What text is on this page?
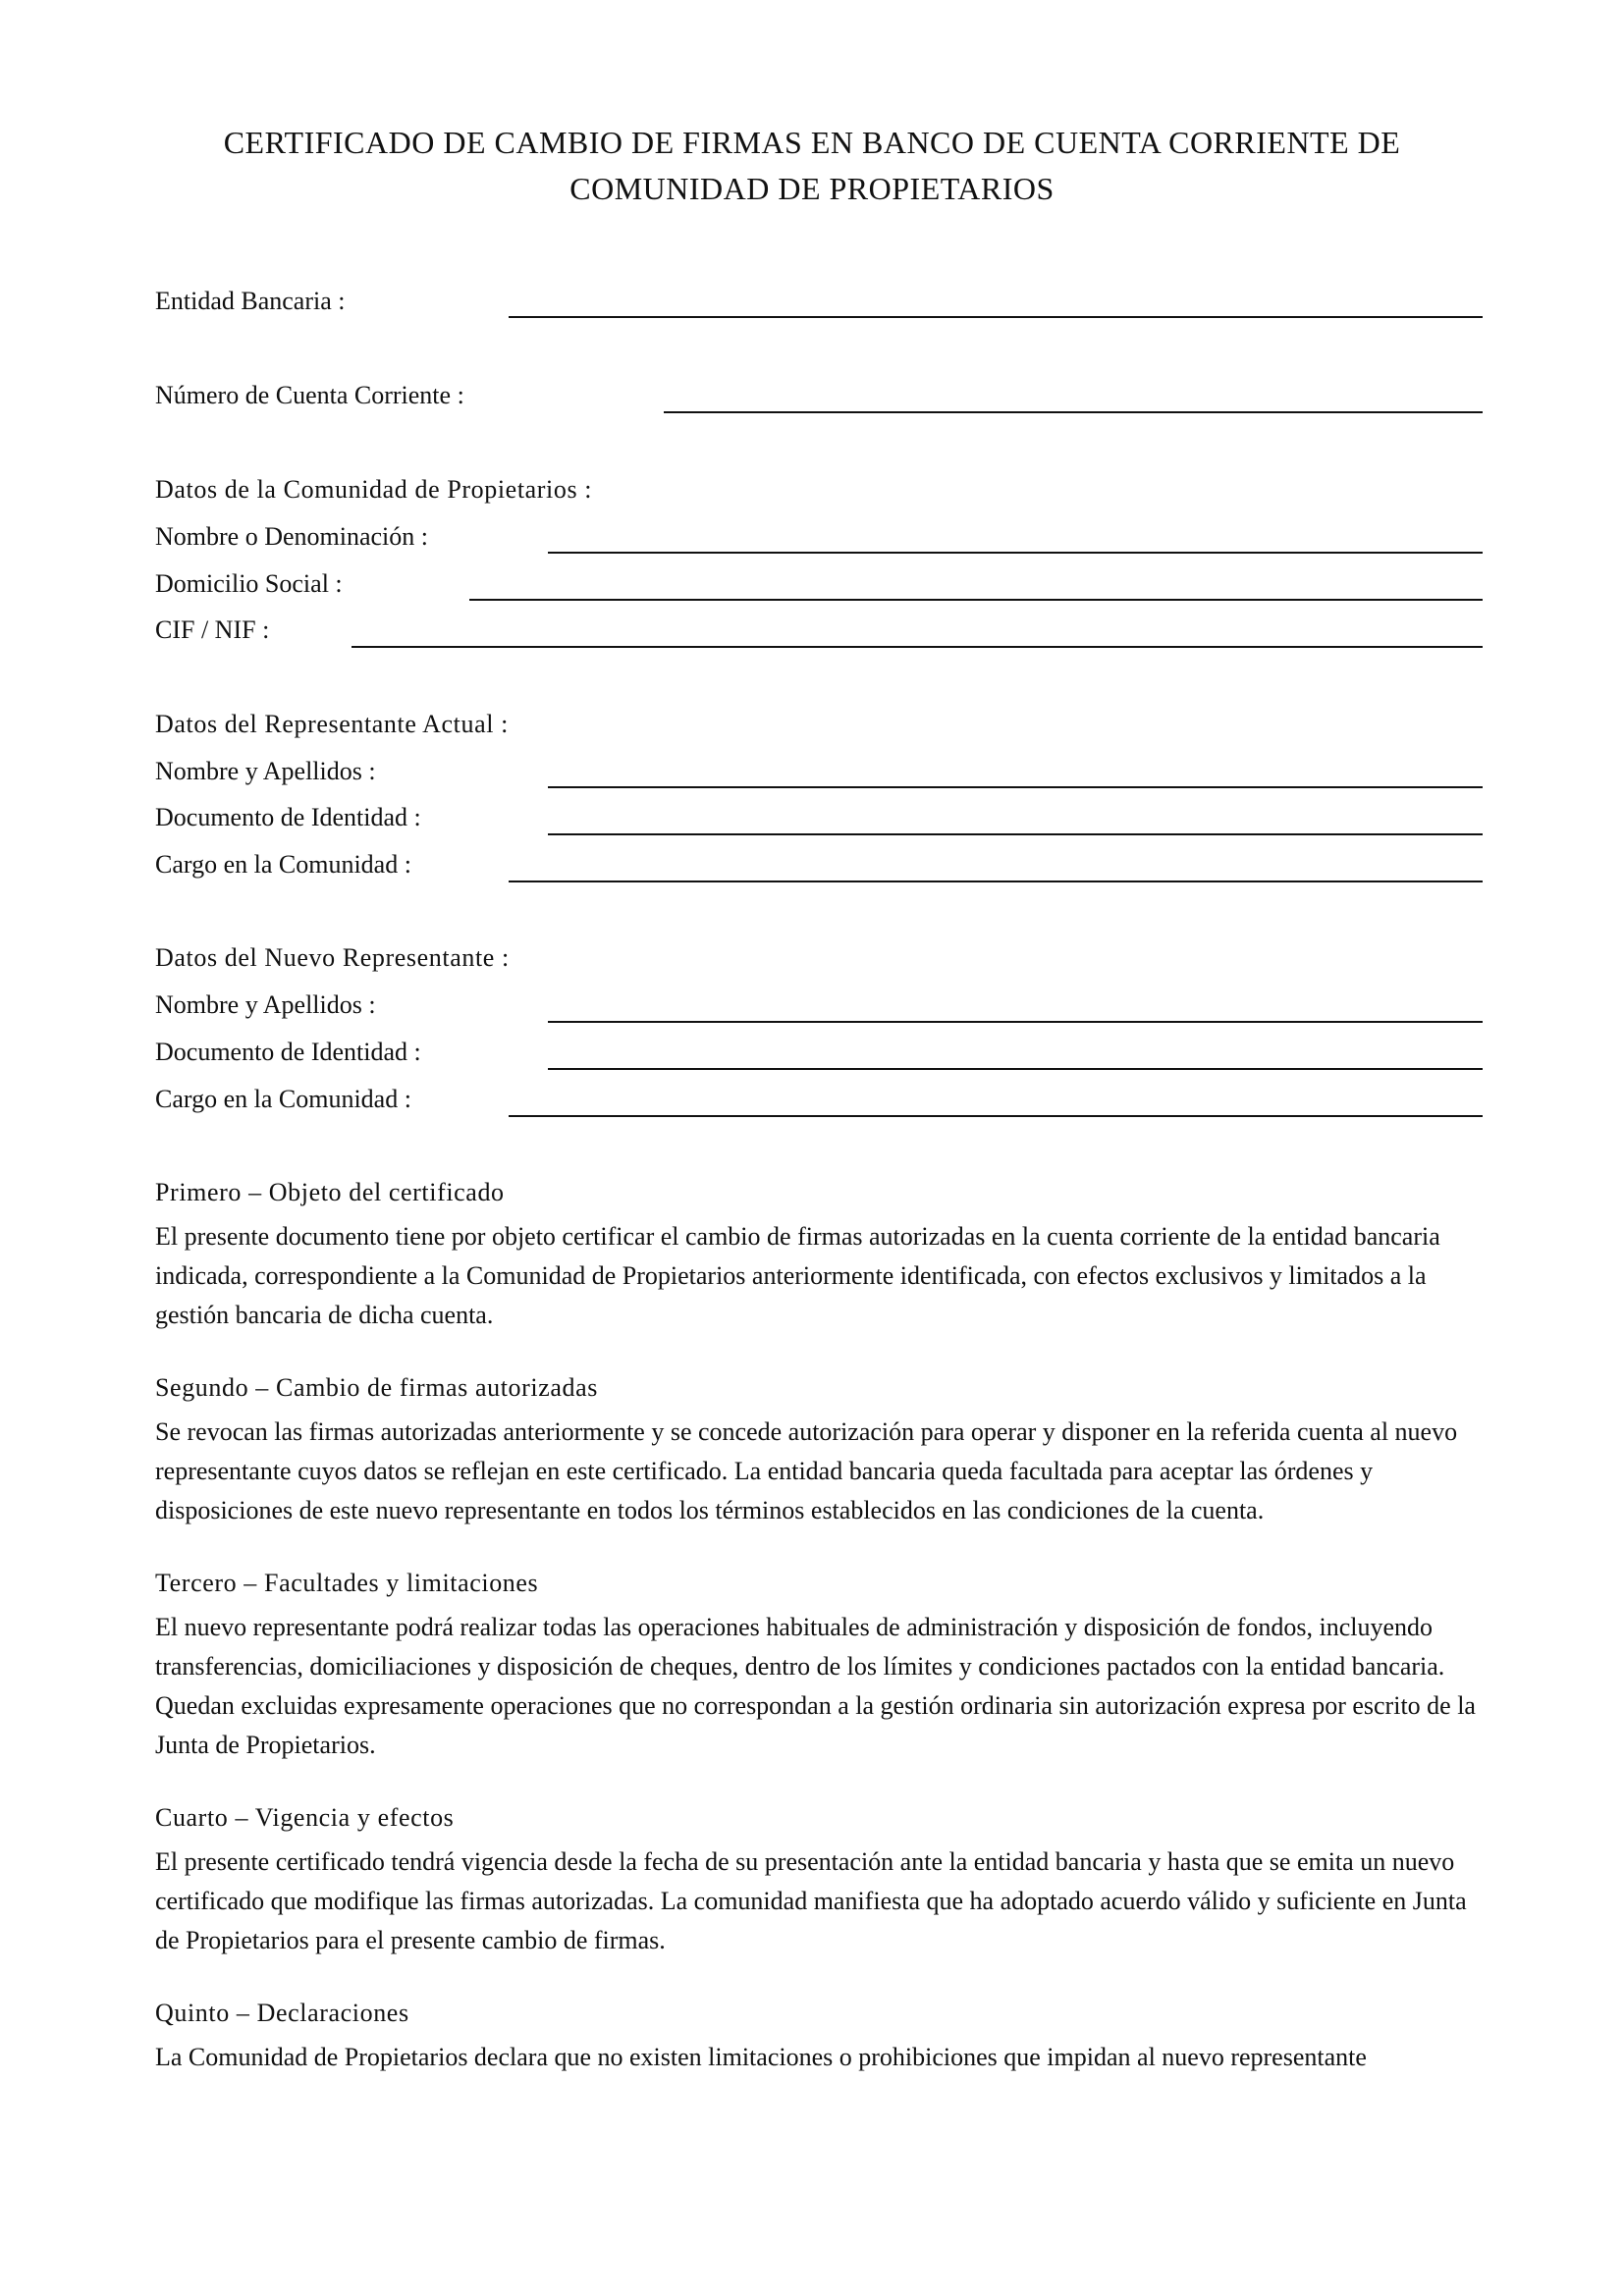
CERTIFICADO DE CAMBIO DE FIRMAS EN BANCO DE CUENTA CORRIENTE DE
COMUNIDAD DE PROPIETARIOS
Entidad Bancaria :
Número de Cuenta Corriente :
Datos de la Comunidad de Propietarios :
Nombre o Denominación :
Domicilio Social :
CIF / NIF :
Datos del Representante Actual :
Nombre y Apellidos :
Documento de Identidad :
Cargo en la Comunidad :
Datos del Nuevo Representante :
Nombre y Apellidos :
Documento de Identidad :
Cargo en la Comunidad :
Primero – Objeto del certificado

El presente documento tiene por objeto certificar el cambio de firmas autorizadas en la cuenta corriente de la entidad bancaria indicada, correspondiente a la Comunidad de Propietarios anteriormente identificada, con efectos exclusivos y limitados a la gestión bancaria de dicha cuenta.

Segundo – Cambio de firmas autorizadas

Se revocan las firmas autorizadas anteriormente y se concede autorización para operar y disponer en la referida cuenta al nuevo representante cuyos datos se reflejan en este certificado. La entidad bancaria queda facultada para aceptar las órdenes y disposiciones de este nuevo representante en todos los términos establecidos en las condiciones de la cuenta.

Tercero – Facultades y limitaciones

El nuevo representante podrá realizar todas las operaciones habituales de administración y disposición de fondos, incluyendo transferencias, domiciliaciones y disposición de cheques, dentro de los límites y condiciones pactados con la entidad bancaria. Quedan excluidas expresamente operaciones que no correspondan a la gestión ordinaria sin autorización expresa por escrito de la Junta de Propietarios.

Cuarto – Vigencia y efectos

El presente certificado tendrá vigencia desde la fecha de su presentación ante la entidad bancaria y hasta que se emita un nuevo certificado que modifique las firmas autorizadas. La comunidad manifiesta que ha adoptado acuerdo válido y suficiente en Junta de Propietarios para el presente cambio de firmas.

Quinto – Declaraciones

La Comunidad de Propietarios declara que no existen limitaciones o prohibiciones que impidan al nuevo representante
